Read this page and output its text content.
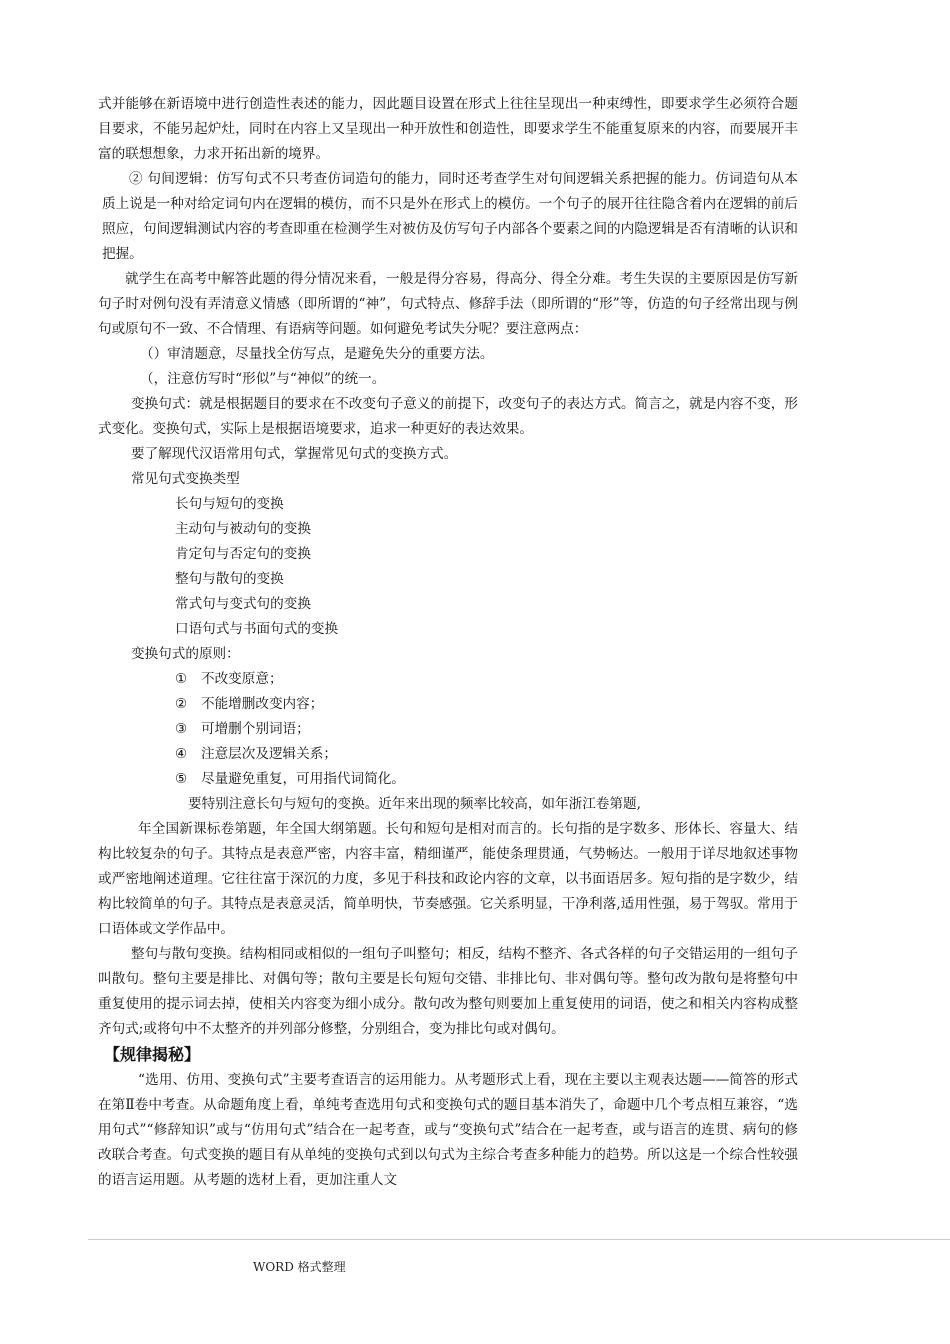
式并能够在新语境中进行创造性表述的能力，因此题目设置在形式上往往呈现出一种束缚性，即要求学生必须符合题目要求，不能另起炉灶，同时在内容上又呈现出一种开放性和创造性，即要求学生不能重复原来的内容，而要展开丰富的联想想象，力求开拓出新的境界。

② 句间逻辑：仿写句式不只考查仿词造句的能力，同时还考查学生对句间逻辑关系把握的能力。仿词造句从本质上说是一种对给定词句内在逻辑的模仿，而不只是外在形式上的模仿。一个句子的展开往往隐含着内在逻辑的前后照应，句间逻辑测试内容的考查即重在检测学生对被仿及仿写句子内部各个要素之间的内隐逻辑是否有清晰的认识和把握。

就学生在高考中解答此题的得分情况来看，一般是得分容易，得高分、得全分难。考生失误的主要原因是仿写新句子时对例句没有弄清意义情感（即所谓的“神”，句式特点、修辞手法（即所谓的“形”等，仿造的句子经常出现与例句或原句不一致、不合情理、有语病等问题。如何避免考试失分呢？要注意两点：

（）审清题意，尽量找全仿写点，是避免失分的重要方法。

（，注意仿写时“形似”与“神似”的统一。

变换句式：就是根据题目的要求在不改变句子意义的前提下，改变句子的表达方式。简言之，就是内容不变，形式变化。变换句式，实际上是根据语境要求，追求一种更好的表达效果。

要了解现代汉语常用句式，掌握常见句式的变换方式。

常见句式变换类型

长句与短句的变换

主动句与被动句的变换

肯定句与否定句的变换

整句与散句的变换

常式句与变式句的变换

口语句式与书面句式的变换

变换句式的原则：

① 不改变原意；

② 不能增删改变内容；

③ 可增删个别词语；

④ 注意层次及逻辑关系；

⑤ 尽量避免重复，可用指代词简化。

要特别注意长句与短句的变换。近年来出现的频率比较高，如年浙江卷第题,

年全国新课标卷第题，年全国大纲第题。长句和短句是相对而言的。长句指的是字数多、形体长、容量大、结构比较复杂的句子。其特点是表意严密，内容丰富，精细谨严，能使条理贯通，气势畅达。一般用于详尽地叙述事物或严密地阐述道理。它往往富于深沉的力度，多见于科技和政论内容的文章，以书面语居多。短句指的是字数少，结构比较简单的句子。其特点是表意灵活，简单明快，节奏感强。它关系明显，干净利落,适用性强，易于驾驭。常用于口语体或文学作品中。

整句与散句变换。结构相同或相似的一组句子叫整句；相反，结构不整齐、各式各样的句子交错运用的一组句子叫散句。整句主要是排比、对偶句等；散句主要是长句短句交错、非排比句、非对偶句等。整句改为散句是将整句中重复使用的提示词去掉，使相关内容变为细小成分。散句改为整句则要加上重复使用的词语，使之和相关内容构成整齐句式;或将句中不太整齐的并列部分修整，分别组合，变为排比句或对偶句。

【规律揭秘】

“选用、仿用、变换句式”主要考查语言的运用能力。从考题形式上看，现在主要以主观表达题——简答的形式在第Ⅱ卷中考查。从命题角度上看，单纯考查选用句式和变换句式的题目基本消失了，命题中几个考点相互兼容，“选用句式”“修辞知识”或与“仿用句式”结合在一起考查，或与“变换句式”结合在一起考查，或与语言的连贯、病句的修改联合考查。句式变换的题目有从单纯的变换句式到以句式为主综合考查多种能力的趋势。所以这是一个综合性较强的语言运用题。从考题的选材上看，更加注重人文

WORD 格式整理
